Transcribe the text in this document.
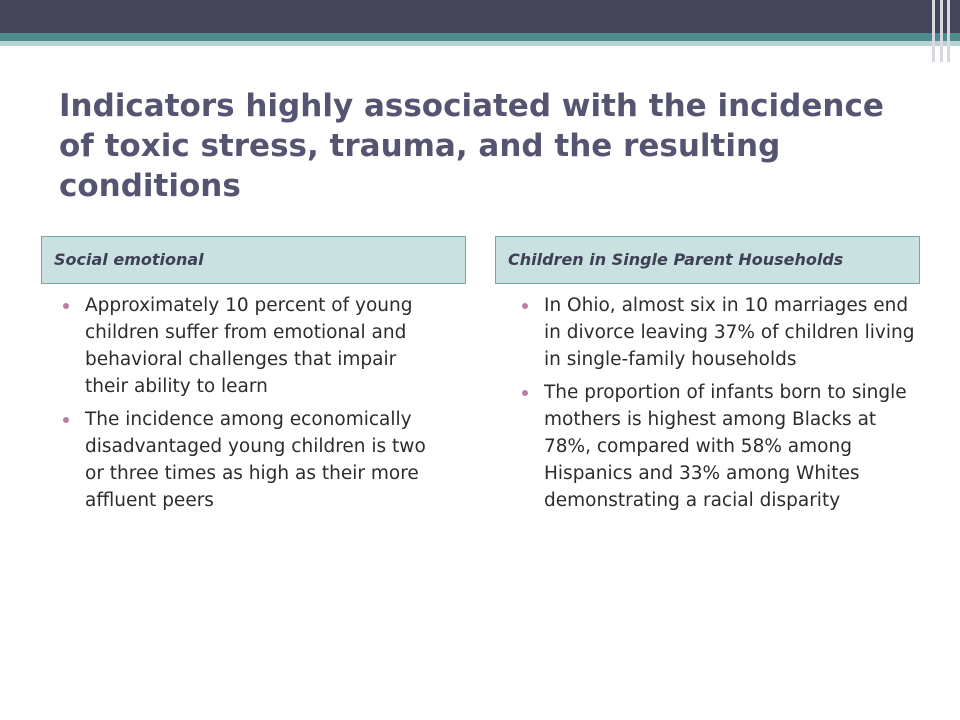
Indicators highly associated with the incidence of toxic stress, trauma, and the resulting conditions
Social emotional	Children in Single Parent Households
Approximately 10 percent of young children suffer from emotional and behavioral challenges that impair their ability to learn
The incidence among economically disadvantaged young children is two or three times as high as their more affluent peers
In Ohio, almost six in 10 marriages end in divorce leaving 37% of children living in single-family households
The proportion of infants born to single mothers is highest among Blacks at 78%, compared with 58% among Hispanics and 33% among Whites demonstrating a racial disparity
